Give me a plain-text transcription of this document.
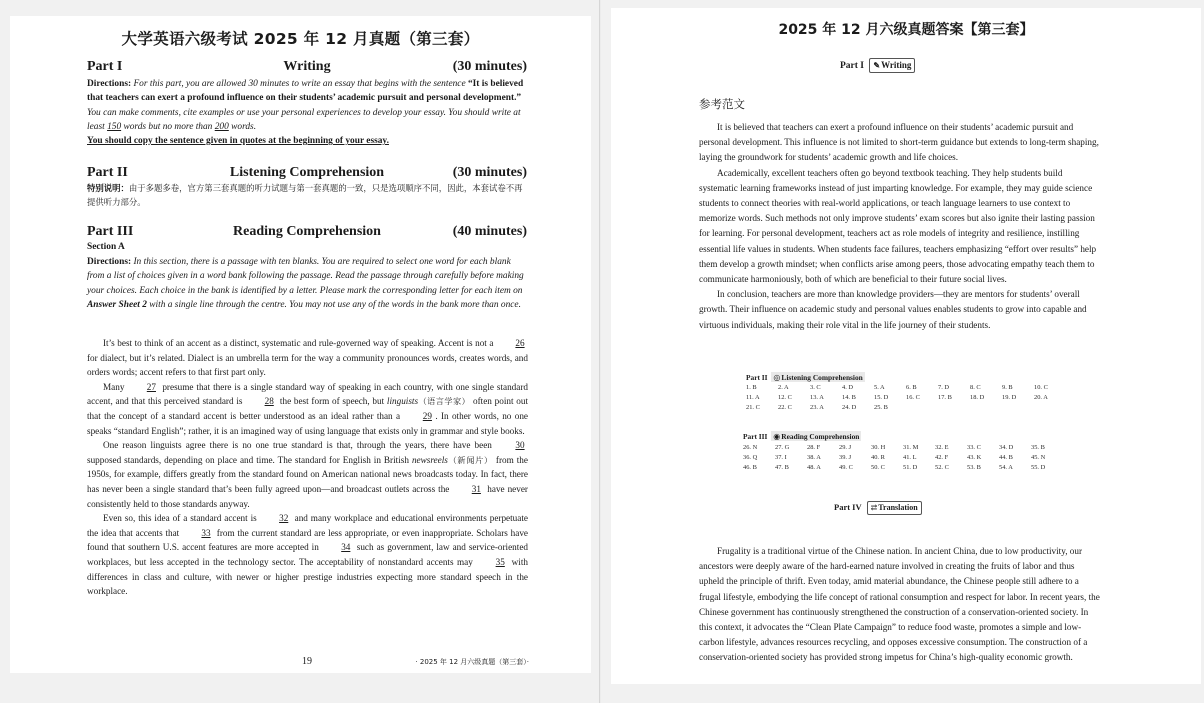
大学英语六级考试 2025 年 12 月真题（第三套）
Part I	Writing	(30 minutes)
Directions: For this part, you are allowed 30 minutes to write an essay that begins with the sentence “It is believed that teachers can exert a profound influence on their students’ academic pursuit and personal development.” You can make comments, cite examples or use your personal experiences to develop your essay. You should write at least 150 words but no more than 200 words.
You should copy the sentence given in quotes at the beginning of your essay.
Part II	Listening Comprehension	(30 minutes)
特别说明：由于多题多卷，官方第三套真题的听力试题与第一套真题的一致，只是选项顺序不同，因此，本套试卷不再提供听力部分。
Part III	Reading Comprehension	(40 minutes)
Section A
Directions: In this section, there is a passage with ten blanks. You are required to select one word for each blank from a list of choices given in a word bank following the passage. Read the passage through carefully before making your choices. Each choice in the bank is identified by a letter. Please mark the corresponding letter for each item on Answer Sheet 2 with a single line through the centre. You may not use any of the words in the bank more than once.

It’s best to think of an accent as a distinct, systematic and rule-governed way of speaking. Accent is not a 26 for dialect, but it’s related. Dialect is an umbrella term for the way a community pronounces words, creates words, and orders words; accent refers to that first part only.

Many 27 presume that there is a single standard way of speaking in each country, with one single standard accent, and that this perceived standard is 28 the best form of speech, but linguists（语言学家） often point out that the concept of a standard accent is better understood as an ideal rather than a 29 . In other words, no one speaks “standard English”; rather, it is an imagined way of using language that exists only in grammar and style books.

One reason linguists agree there is no one true standard is that, through the years, there have been 30 supposed standards, depending on place and time. The standard for English in British newsreels（新闻片） from the 1950s, for example, differs greatly from the standard found on American national news broadcasts today. In fact, there has never been a single standard that’s been fully agreed upon—and broadcast outlets across the 31 have never consistently held to those standards anyway.

Even so, this idea of a standard accent is 32 and many workplace and educational environments perpetuate the idea that accents that 33 from the current standard are less appropriate, or even inappropriate. Scholars have found that southern U.S. accent features are more accepted in 34 such as government, law and service-oriented workplaces, but less accepted in the technology sector. The acceptability of nonstandard accents may 35 with differences in class and culture, with newer or higher prestige industries expecting more standard speech in the workplace.

19	· 2025 年 12 月六级真题（第三套）·
2025 年 12 月六级真题答案【第三套】
Part I ✎Writing
参考范文

It is believed that teachers can exert a profound influence on their students’ academic pursuit and personal development. This influence is not limited to short-term guidance but extends to long-term shaping, laying the groundwork for students’ academic growth and life choices.

Academically, excellent teachers often go beyond textbook teaching. They help students build systematic learning frameworks instead of just imparting knowledge. For example, they may guide science students to connect theories with real-world applications, or teach language learners to use context to memorize words. Such methods not only improve students’ exam scores but also ignite their lasting passion for learning. For personal development, teachers act as role models of integrity and resilience, instilling essential life values in students. When students face failures, teachers emphasizing “effort over results” help them develop a growth mindset; when conflicts arise among peers, those advocating empathy teach them to communicate harmoniously, both of which are beneficial to their future social lives.

In conclusion, teachers are more than knowledge providers—they are mentors for students’ overall growth. Their influence on academic study and personal values enables students to grow into capable and virtuous individuals, making their role vital in the life journey of their students.

Part II ◎Listening Comprehension
1. B	2. A	3. C	4. D	5. A	6. B	7. D	8. C	9. B	10. C
11. A	12. C	13. A	14. B	15. D	16. C	17. B	18. D	19. D	20. A
21. C	22. C	23. A	24. D	25. B
Part III ◉Reading Comprehension
26. N	27. G	28. F	29. J	30. H	31. M	32. E	33. C	34. D	35. B
36. Q	37. I	38. A	39. J	40. R	41. L	42. F	43. K	44. B	45. N
46. B	47. B	48. A	49. C	50. C	51. D	52. C	53. B	54. A	55. D
Part IV ⇄Translation

Frugality is a traditional virtue of the Chinese nation. In ancient China, due to low productivity, our ancestors were deeply aware of the hard-earned nature involved in creating the fruits of labor and thus upheld the principle of thrift. Even today, amid material abundance, the Chinese people still adhere to a frugal lifestyle, embodying the life concept of rational consumption and respect for labor. In recent years, the Chinese government has continuously strengthened the construction of a conservation-oriented society. In this context, it advocates the “Clean Plate Campaign” to reduce food waste, promotes a simple and low-carbon lifestyle, advances resources recycling, and opposes excessive consumption. The construction of a conservation-oriented society has provided strong impetus for China’s high-quality economic growth.
